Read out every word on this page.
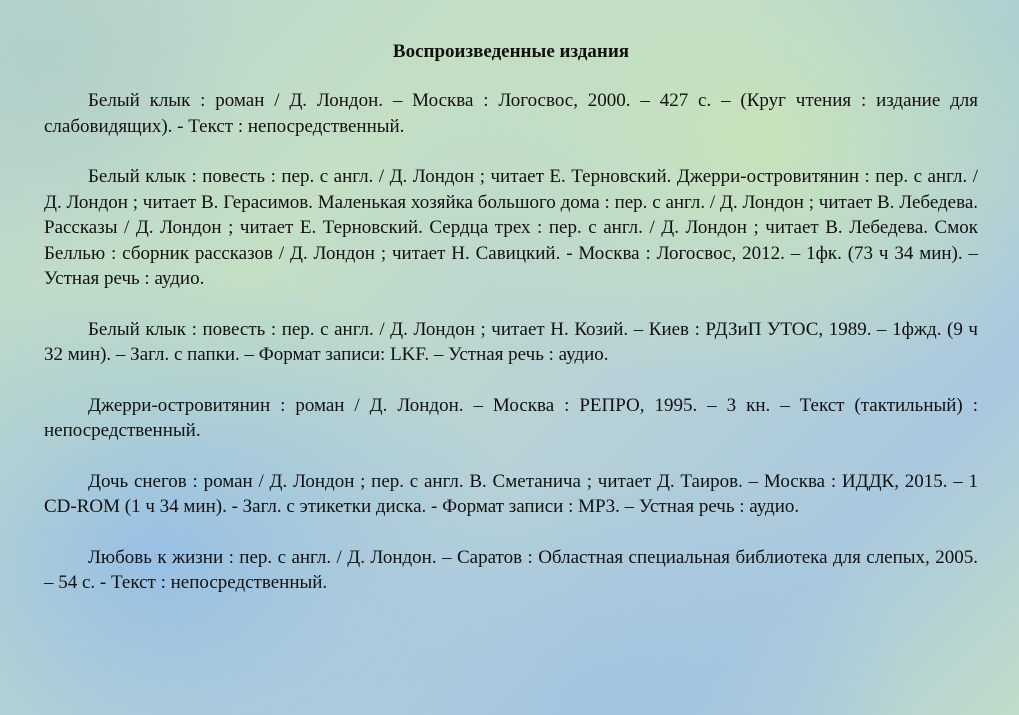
Воспроизведенные издания

Белый клык : роман / Д. Лондон. – Москва : Логосвос, 2000. – 427 с. – (Круг чтения : издание для слабовидящих). - Текст : непосредственный.

Белый клык : повесть : пер. с англ. / Д. Лондон ; читает Е. Терновский. Джерри-островитянин : пер. с англ. / Д. Лондон ; читает В. Герасимов. Маленькая хозяйка большого дома : пер. с англ. / Д. Лондон ; читает В. Лебедева. Рассказы / Д. Лондон ; читает Е. Терновский. Сердца трех : пер. с англ. / Д. Лондон ; читает В. Лебедева. Смок Беллью : сборник рассказов / Д. Лондон ; читает Н. Савицкий. - Москва : Логосвос, 2012. – 1фк. (73 ч 34 мин). – Устная речь : аудио.

Белый клык : повесть : пер. с англ. / Д. Лондон ; читает Н. Козий. – Киев : РДЗиП УТОС, 1989. – 1фжд. (9 ч 32 мин). – Загл. с папки. – Формат записи: LKF. – Устная речь : аудио.

Джерри-островитянин : роман / Д. Лондон. – Москва : РЕПРО, 1995. – 3 кн. – Текст (тактильный) : непосредственный.

Дочь снегов : роман / Д. Лондон ; пер. с англ. В. Сметанича ; читает Д. Таиров. – Москва : ИДДК, 2015. – 1 CD-ROM (1 ч 34 мин). - Загл. с этикетки диска. - Формат записи : MP3. – Устная речь : аудио.

Любовь к жизни : пер. с англ. / Д. Лондон. – Саратов : Областная специальная библиотека для слепых, 2005. – 54 с. - Текст : непосредственный.
